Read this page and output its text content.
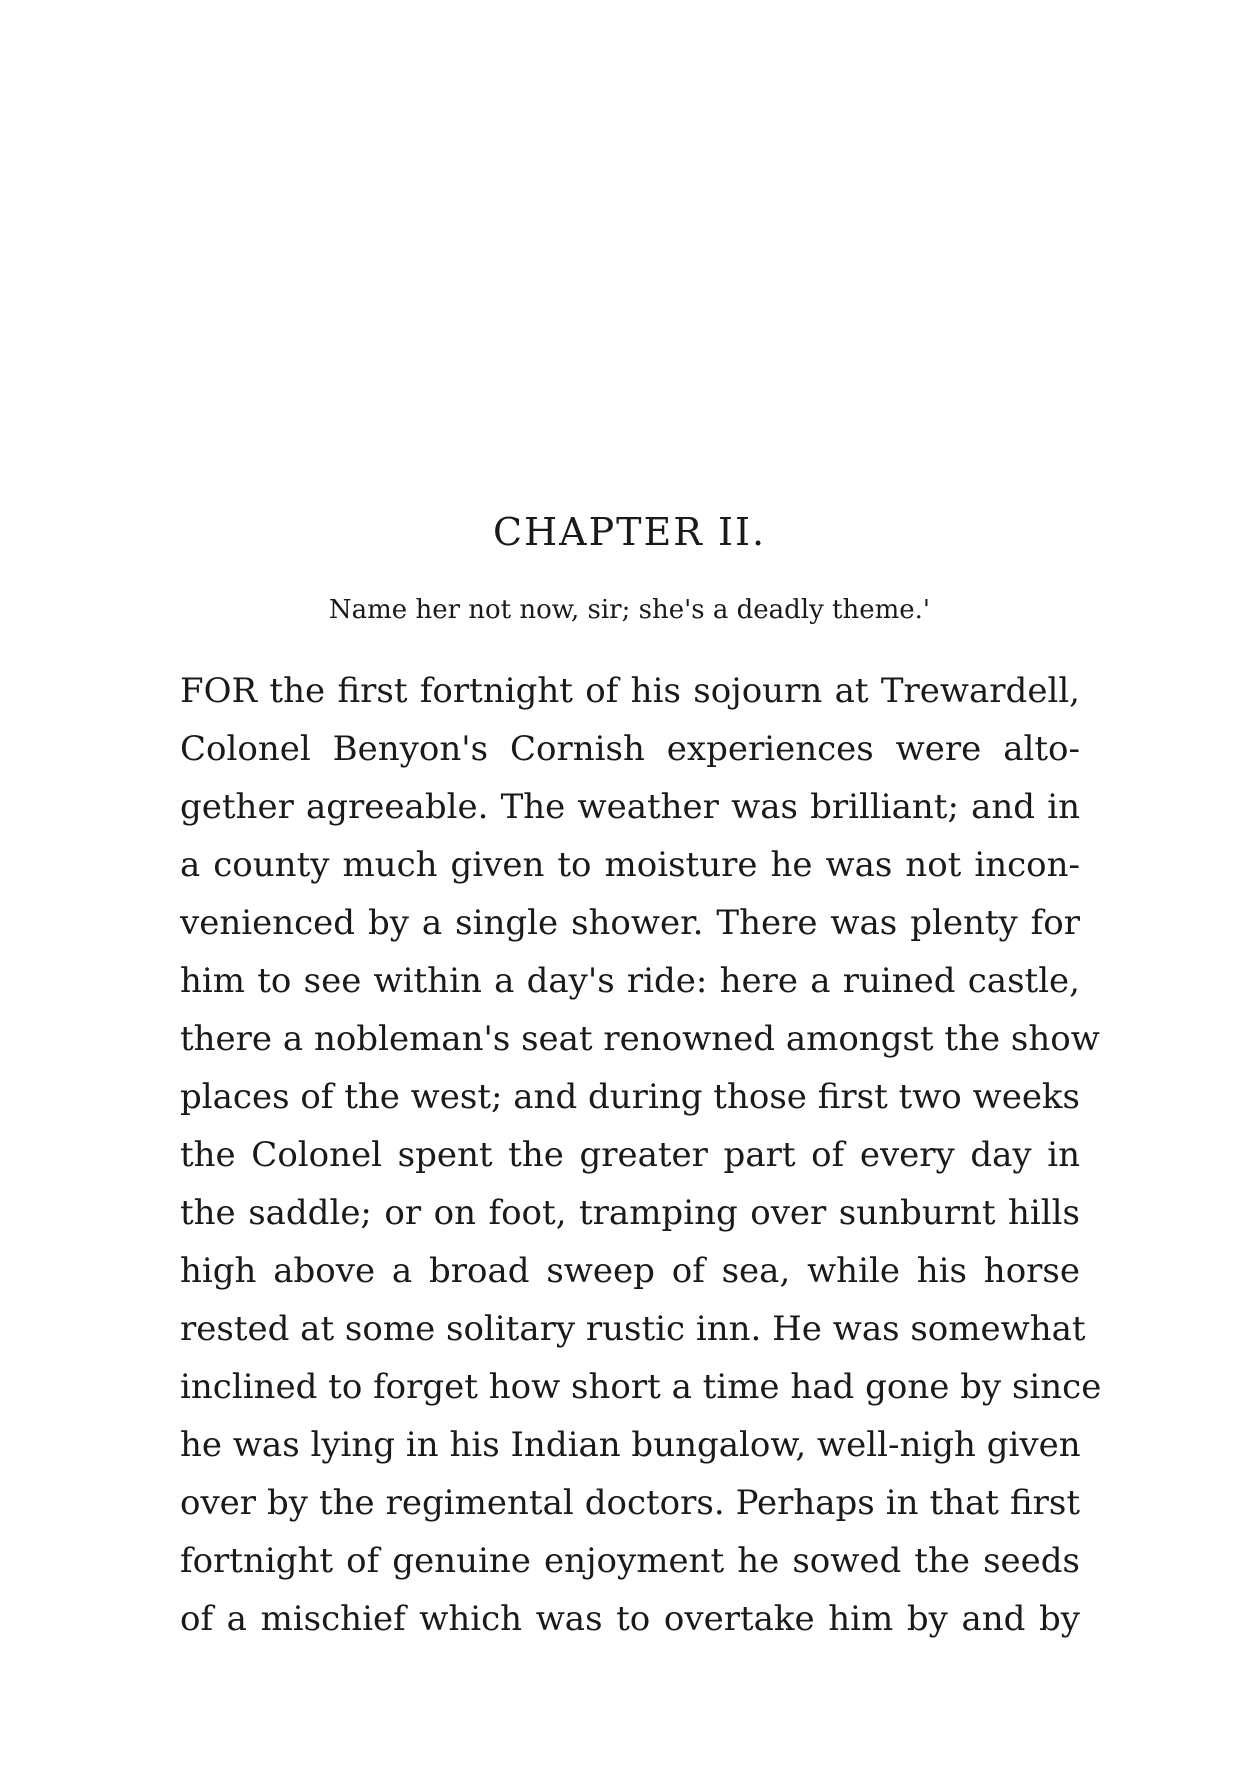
CHAPTER II.

Name her not now, sir; she's a deadly theme.'

FOR the first fortnight of his sojourn at Trewardell,
Colonel Benyon's Cornish experiences were alto-
gether agreeable. The weather was brilliant; and in
a county much given to moisture he was not incon-
venienced by a single shower. There was plenty for
him to see within a day's ride: here a ruined castle,
there a nobleman's seat renowned amongst the show
places of the west; and during those first two weeks
the Colonel spent the greater part of every day in
the saddle; or on foot, tramping over sunburnt hills
high above a broad sweep of sea, while his horse
rested at some solitary rustic inn. He was somewhat
inclined to forget how short a time had gone by since
he was lying in his Indian bungalow, well-nigh given
over by the regimental doctors. Perhaps in that first
fortnight of genuine enjoyment he sowed the seeds
of a mischief which was to overtake him by and by
